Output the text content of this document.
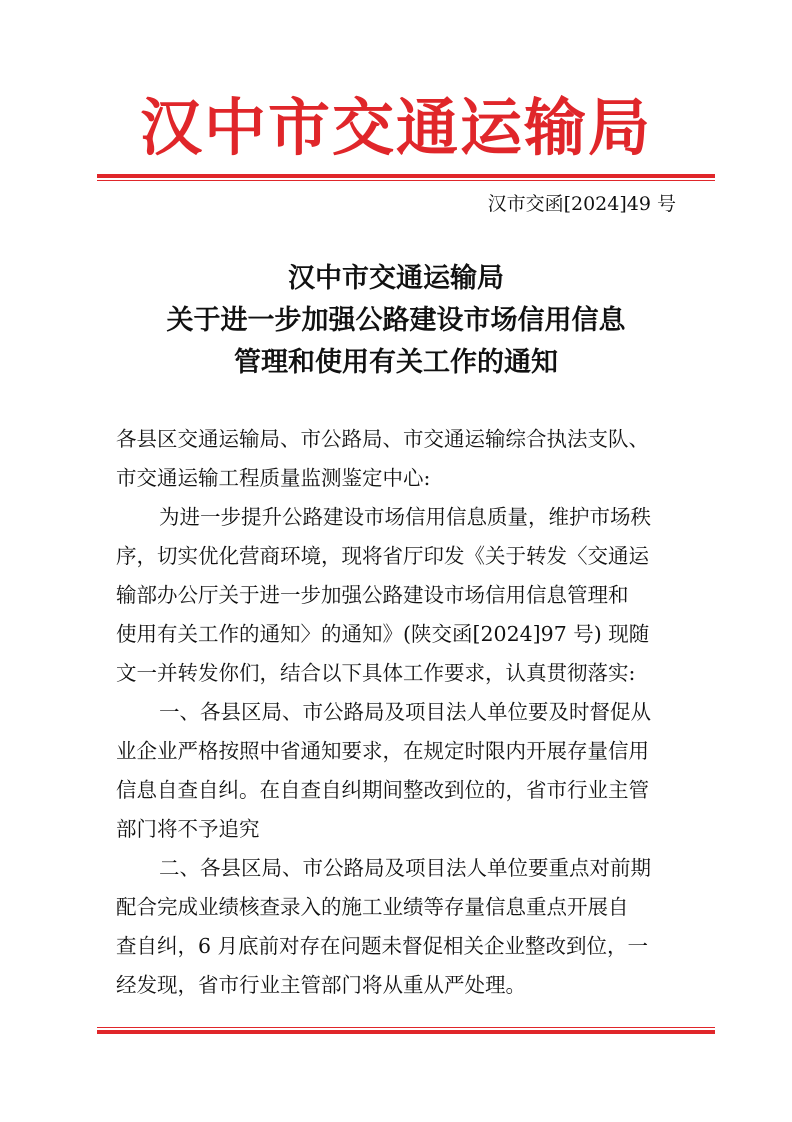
汉中市交通运输局
汉市交函[2024]49 号
汉中市交通运输局
关于进一步加强公路建设市场信用信息
管理和使用有关工作的通知

各县区交通运输局、市公路局、市交通运输综合执法支队、
市交通运输工程质量监测鉴定中心:

为进一步提升公路建设市场信用信息质量，维护市场秩
序，切实优化营商环境，现将省厅印发《关于转发〈交通运
输部办公厅关于进一步加强公路建设市场信用信息管理和
使用有关工作的通知〉的通知》(陕交函[2024]97 号) 现随
文一并转发你们，结合以下具体工作要求，认真贯彻落实:

一、各县区局、市公路局及项目法人单位要及时督促从
业企业严格按照中省通知要求，在规定时限内开展存量信用
信息自查自纠。在自查自纠期间整改到位的，省市行业主管
部门将不予追究

二、各县区局、市公路局及项目法人单位要重点对前期
配合完成业绩核查录入的施工业绩等存量信息重点开展自
查自纠，6 月底前对存在问题未督促相关企业整改到位，一
经发现，省市行业主管部门将从重从严处理。
